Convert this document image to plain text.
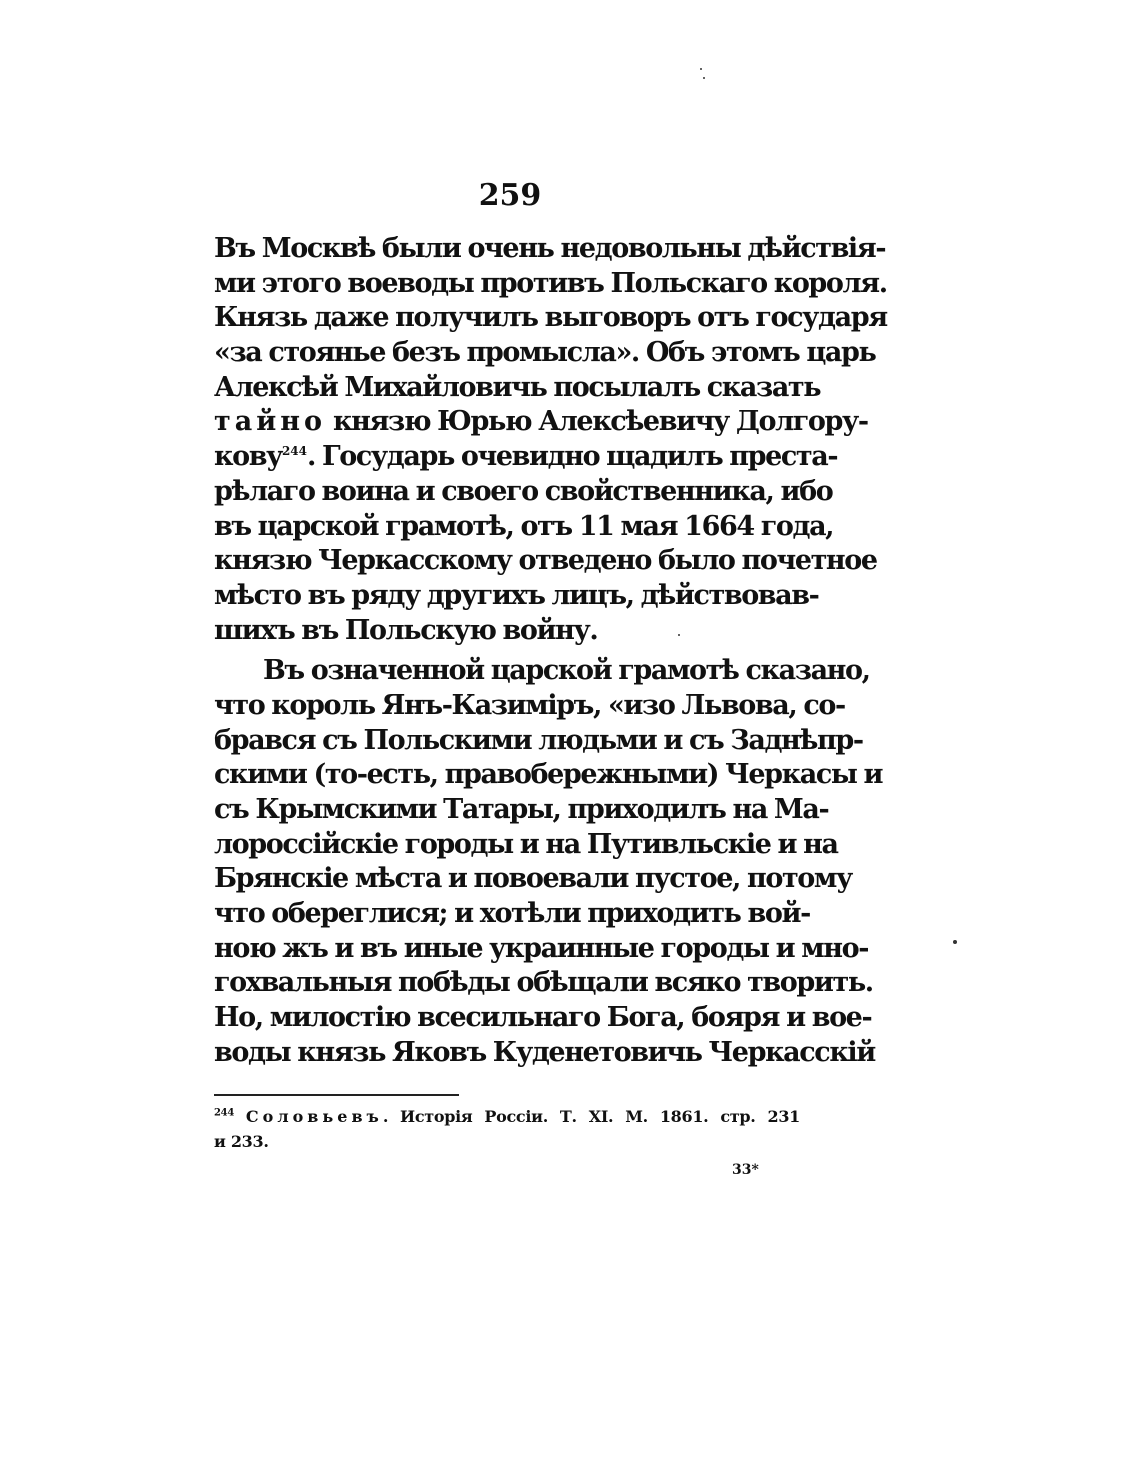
259
Въ Москвѣ были очень недовольны дѣйствія-
ми этого воеводы противъ Польскаго короля.
Князь даже получилъ выговоръ отъ государя
«за стоянье безъ промысла». Объ этомъ царь
Алексѣй Михайловичь посылалъ сказать
тайно князю Юрью Алексѣевичу Долгору-
кову$^{244}$. Государь очевидно щадилъ преста-
рѣлаго воина и своего свойственника, ибо
въ царской грамотѣ, отъ 11 мая 1664 года,
князю Черкасскому отведено было почетное
мѣсто въ ряду другихъ лицъ, дѣйствовав-
шихъ въ Польскую войну.
Въ означенной царской грамотѣ сказано,
что король Янъ-Казиміръ, «изо Львова, со-
брався съ Польскими людьми и съ Заднѣпр-
скими (то-есть, правобережными) Черкасы и
съ Крымскими Татары, приходилъ на Ма-
лороссійскіе городы и на Путивльскіе и на
Брянскіе мѣста и повоевали пустое, потому
что обереглися; и хотѣли приходить вой-
ною жъ и въ иные украинные городы и мно-
гохвальныя побѣды обѣщали всяко творить.
Но, милостію всесильнаго Бога, бояря и вое-
воды князь Яковъ Куденетовичь Черкасскій
$^{244}$ Соловьевъ. Исторія Россіи. Т. XI. М. 1861. стр. 231
и 233.
33*
